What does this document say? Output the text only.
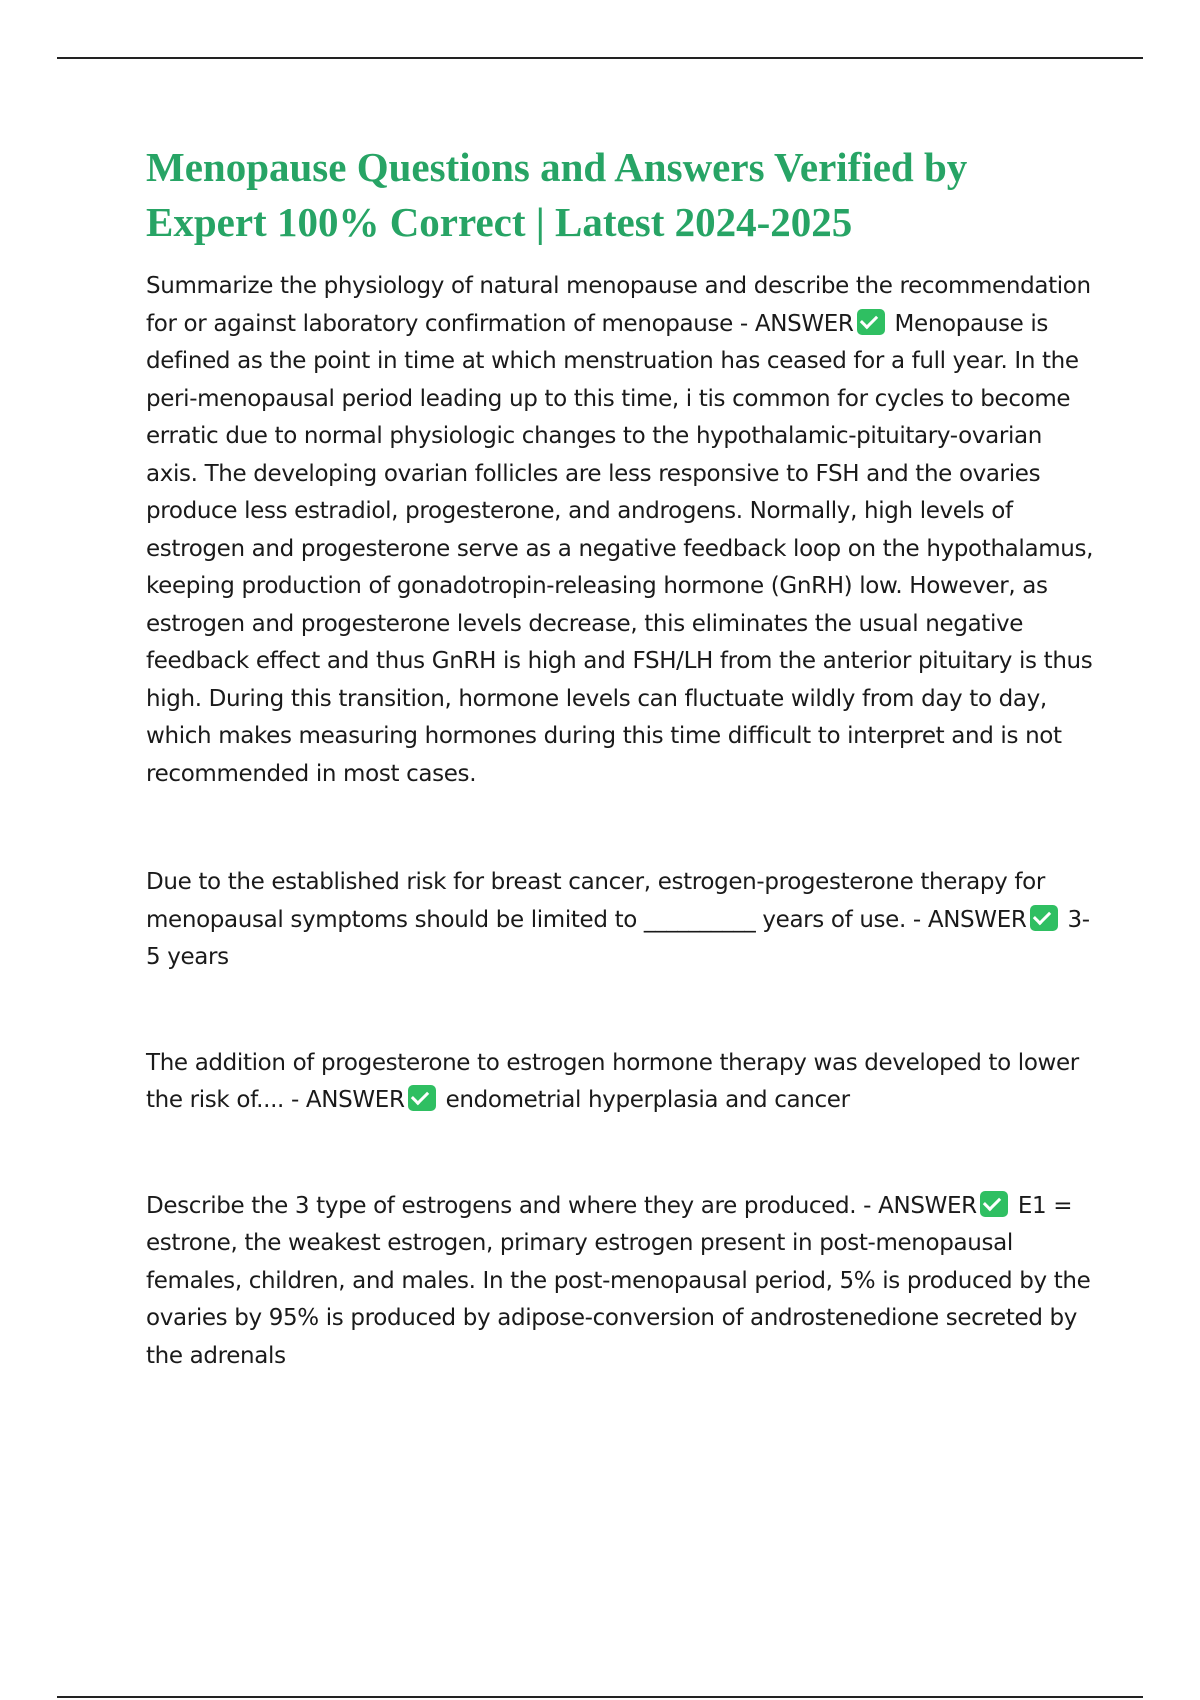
Menopause Questions and Answers Verified by Expert 100% Correct | Latest 2024-2025

Summarize the physiology of natural menopause and describe the recommendation for or against laboratory confirmation of menopause - ANSWER Menopause is defined as the point in time at which menstruation has ceased for a full year. In the peri-menopausal period leading up to this time, i tis common for cycles to become erratic due to normal physiologic changes to the hypothalamic-pituitary-ovarian axis. The developing ovarian follicles are less responsive to FSH and the ovaries produce less estradiol, progesterone, and androgens. Normally, high levels of estrogen and progesterone serve as a negative feedback loop on the hypothalamus, keeping production of gonadotropin-releasing hormone (GnRH) low. However, as estrogen and progesterone levels decrease, this eliminates the usual negative feedback effect and thus GnRH is high and FSH/LH from the anterior pituitary is thus high. During this transition, hormone levels can fluctuate wildly from day to day, which makes measuring hormones during this time difficult to interpret and is not recommended in most cases.

Due to the established risk for breast cancer, estrogen-progesterone therapy for menopausal symptoms should be limited to __________ years of use. - ANSWER 3-5 years

The addition of progesterone to estrogen hormone therapy was developed to lower the risk of.... - ANSWER endometrial hyperplasia and cancer

Describe the 3 type of estrogens and where they are produced. - ANSWER E1 = estrone, the weakest estrogen, primary estrogen present in post-menopausal females, children, and males. In the post-menopausal period, 5% is produced by the ovaries by 95% is produced by adipose-conversion of androstenedione secreted by the adrenals
